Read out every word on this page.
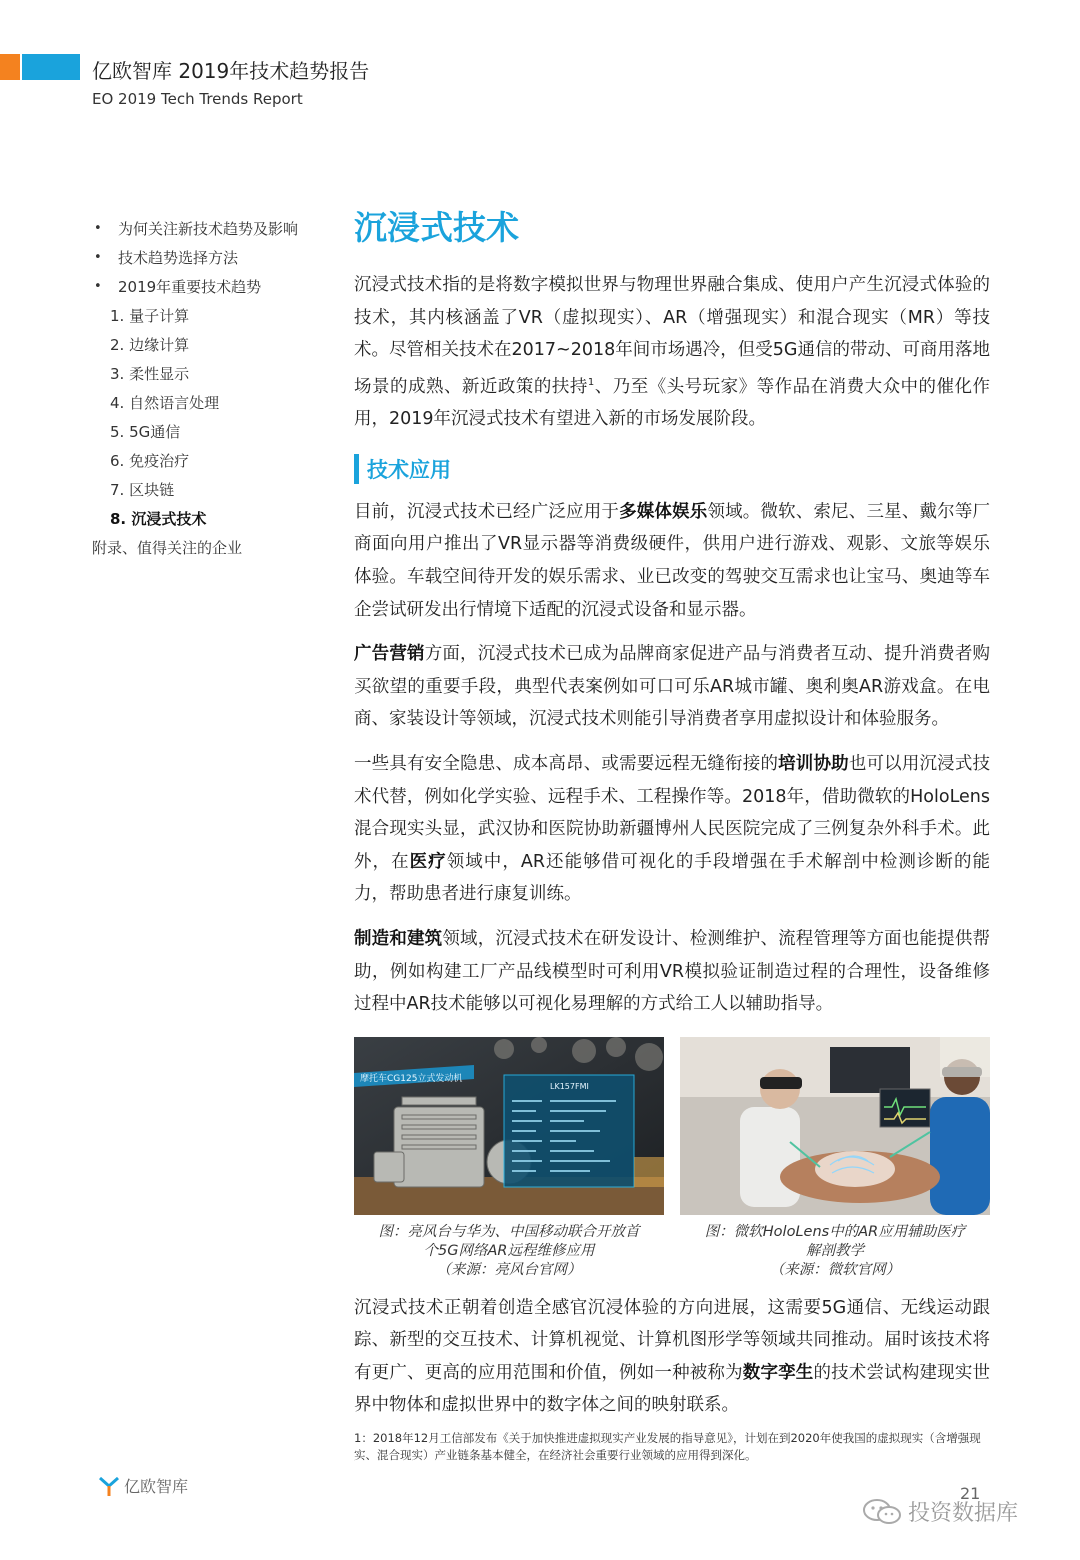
亿欧智库 2019年技术趋势报告
EO 2019 Tech Trends Report
• 为何关注新技术趋势及影响
• 技术趋势选择方法
• 2019年重要技术趋势
1. 量子计算
2. 边缘计算
3. 柔性显示
4. 自然语言处理
5. 5G通信
6. 免疫治疗
7. 区块链
8. 沉浸式技术
附录、值得关注的企业
沉浸式技术

沉浸式技术指的是将数字模拟世界与物理世界融合集成、使用户产生沉浸式体验的技术，其内核涵盖了VR（虚拟现实）、AR（增强现实）和混合现实（MR）等技术。尽管相关技术在2017~2018年间市场遇冷，但受5G通信的带动、可商用落地场景的成熟、新近政策的扶持$^1$、乃至《头号玩家》等作品在消费大众中的催化作用，2019年沉浸式技术有望进入新的市场发展阶段。

技术应用

目前，沉浸式技术已经广泛应用于多媒体娱乐领域。微软、索尼、三星、戴尔等厂商面向用户推出了VR显示器等消费级硬件，供用户进行游戏、观影、文旅等娱乐体验。车载空间待开发的娱乐需求、业已改变的驾驶交互需求也让宝马、奥迪等车企尝试研发出行情境下适配的沉浸式设备和显示器。

广告营销方面，沉浸式技术已成为品牌商家促进产品与消费者互动、提升消费者购买欲望的重要手段，典型代表案例如可口可乐AR城市罐、奥利奥AR游戏盒。在电商、家装设计等领域，沉浸式技术则能引导消费者享用虚拟设计和体验服务。

一些具有安全隐患、成本高昂、或需要远程无缝衔接的培训协助也可以用沉浸式技术代替，例如化学实验、远程手术、工程操作等。2018年，借助微软的HoloLens混合现实头显，武汉协和医院协助新疆博州人民医院完成了三例复杂外科手术。此外，在医疗领域中，AR还能够借可视化的手段增强在手术解剖中检测诊断的能力，帮助患者进行康复训练。

制造和建筑领域，沉浸式技术在研发设计、检测维护、流程管理等方面也能提供帮助，例如构建工厂产品线模型时可利用VR模拟验证制造过程的合理性，设备维修过程中AR技术能够以可视化易理解的方式给工人以辅助指导。

摩托车CG125立式发动机
LK157FMI
图：亮风台与华为、中国移动联合开放首
个5G网络AR远程维修应用
（来源：亮风台官网）
图：微软HoloLens中的AR应用辅助医疗
解剖教学
（来源：微软官网）

沉浸式技术正朝着创造全感官沉浸体验的方向进展，这需要5G通信、无线运动跟踪、新型的交互技术、计算机视觉、计算机图形学等领域共同推动。届时该技术将有更广、更高的应用范围和价值，例如一种被称为数字孪生的技术尝试构建现实世界中物体和虚拟世界中的数字体之间的映射联系。

1：2018年12月工信部发布《关于加快推进虚拟现实产业发展的指导意见》，计划在到2020年使我国的虚拟现实（含增强现实、混合现实）产业链条基本健全，在经济社会重要行业领域的应用得到深化。
亿欧智库	21
投资数据库
